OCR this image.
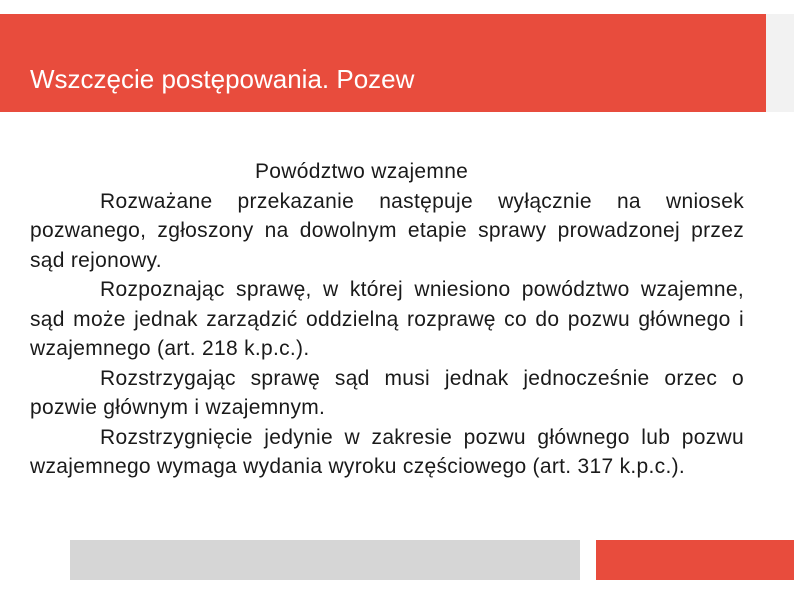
Wszczęcie postępowania. Pozew
Powództwo wzajemne

Rozważane przekazanie następuje wyłącznie na wniosek pozwanego, zgłoszony na dowolnym etapie sprawy prowadzonej przez sąd rejonowy.

Rozpoznając sprawę, w której wniesiono powództwo wzajemne, sąd może jednak zarządzić oddzielną rozprawę co do pozwu głównego i wzajemnego (art. 218 k.p.c.).

Rozstrzygając sprawę sąd musi jednak jednocześnie orzec o pozwie głównym i wzajemnym.

Rozstrzygnięcie jedynie w zakresie pozwu głównego lub pozwu wzajemnego wymaga wydania wyroku częściowego (art. 317 k.p.c.).
